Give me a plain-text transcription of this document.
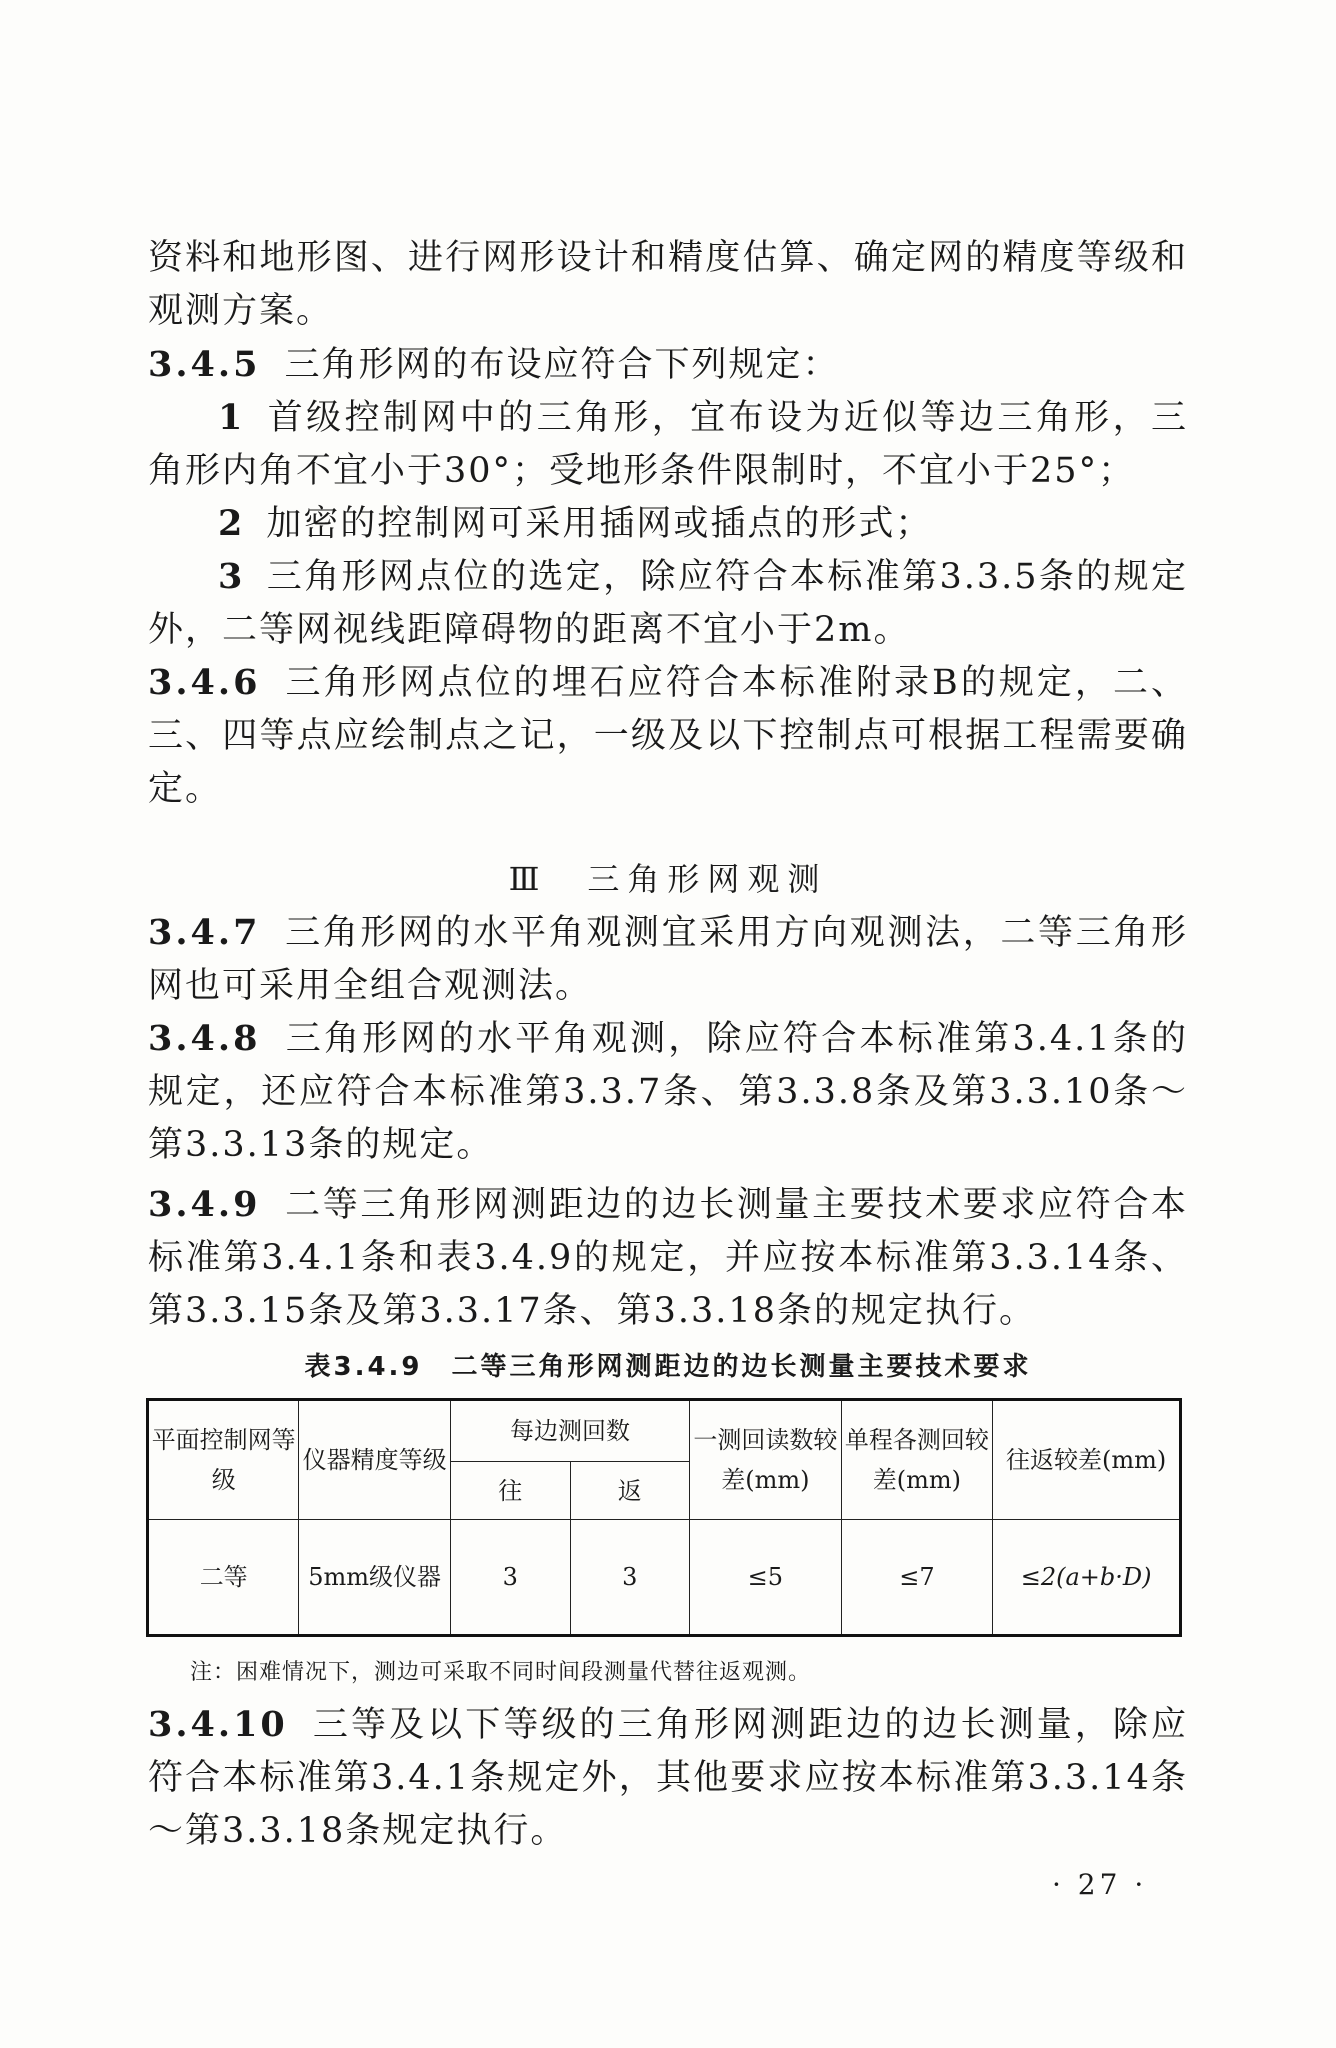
资料和地形图、进行网形设计和精度估算、确定网的精度等级和观测方案。

3.4.5 三角形网的布设应符合下列规定：

1 首级控制网中的三角形，宜布设为近似等边三角形，三角形内角不宜小于30°；受地形条件限制时，不宜小于25°；

2 加密的控制网可采用插网或插点的形式；

3 三角形网点位的选定，除应符合本标准第3.3.5条的规定外，二等网视线距障碍物的距离不宜小于2m。

3.4.6 三角形网点位的埋石应符合本标准附录B的规定，二、三、四等点应绘制点之记，一级及以下控制点可根据工程需要确定。

Ⅲ　三角形网观测

3.4.7 三角形网的水平角观测宜采用方向观测法，二等三角形网也可采用全组合观测法。

3.4.8 三角形网的水平角观测，除应符合本标准第3.4.1条的规定，还应符合本标准第3.3.7条、第3.3.8条及第3.3.10条～第3.3.13条的规定。

3.4.9 二等三角形网测距边的边长测量主要技术要求应符合本标准第3.4.1条和表3.4.9的规定，并应按本标准第3.3.14条、第3.3.15条及第3.3.17条、第3.3.18条的规定执行。

表3.4.9　二等三角形网测距边的边长测量主要技术要求
平面控制网等级	仪器精度等级	每边测回数		一测回读数较差(mm)	单程各测回较差(mm)	往返较差(mm)
		往	返			
二等	5mm级仪器	3	3	≤5	≤7	≤2(a+b·D)
注：困难情况下，测边可采取不同时间段测量代替往返观测。

3.4.10 三等及以下等级的三角形网测距边的边长测量，除应符合本标准第3.4.1条规定外，其他要求应按本标准第3.3.14条～第3.3.18条规定执行。

· 27 ·
